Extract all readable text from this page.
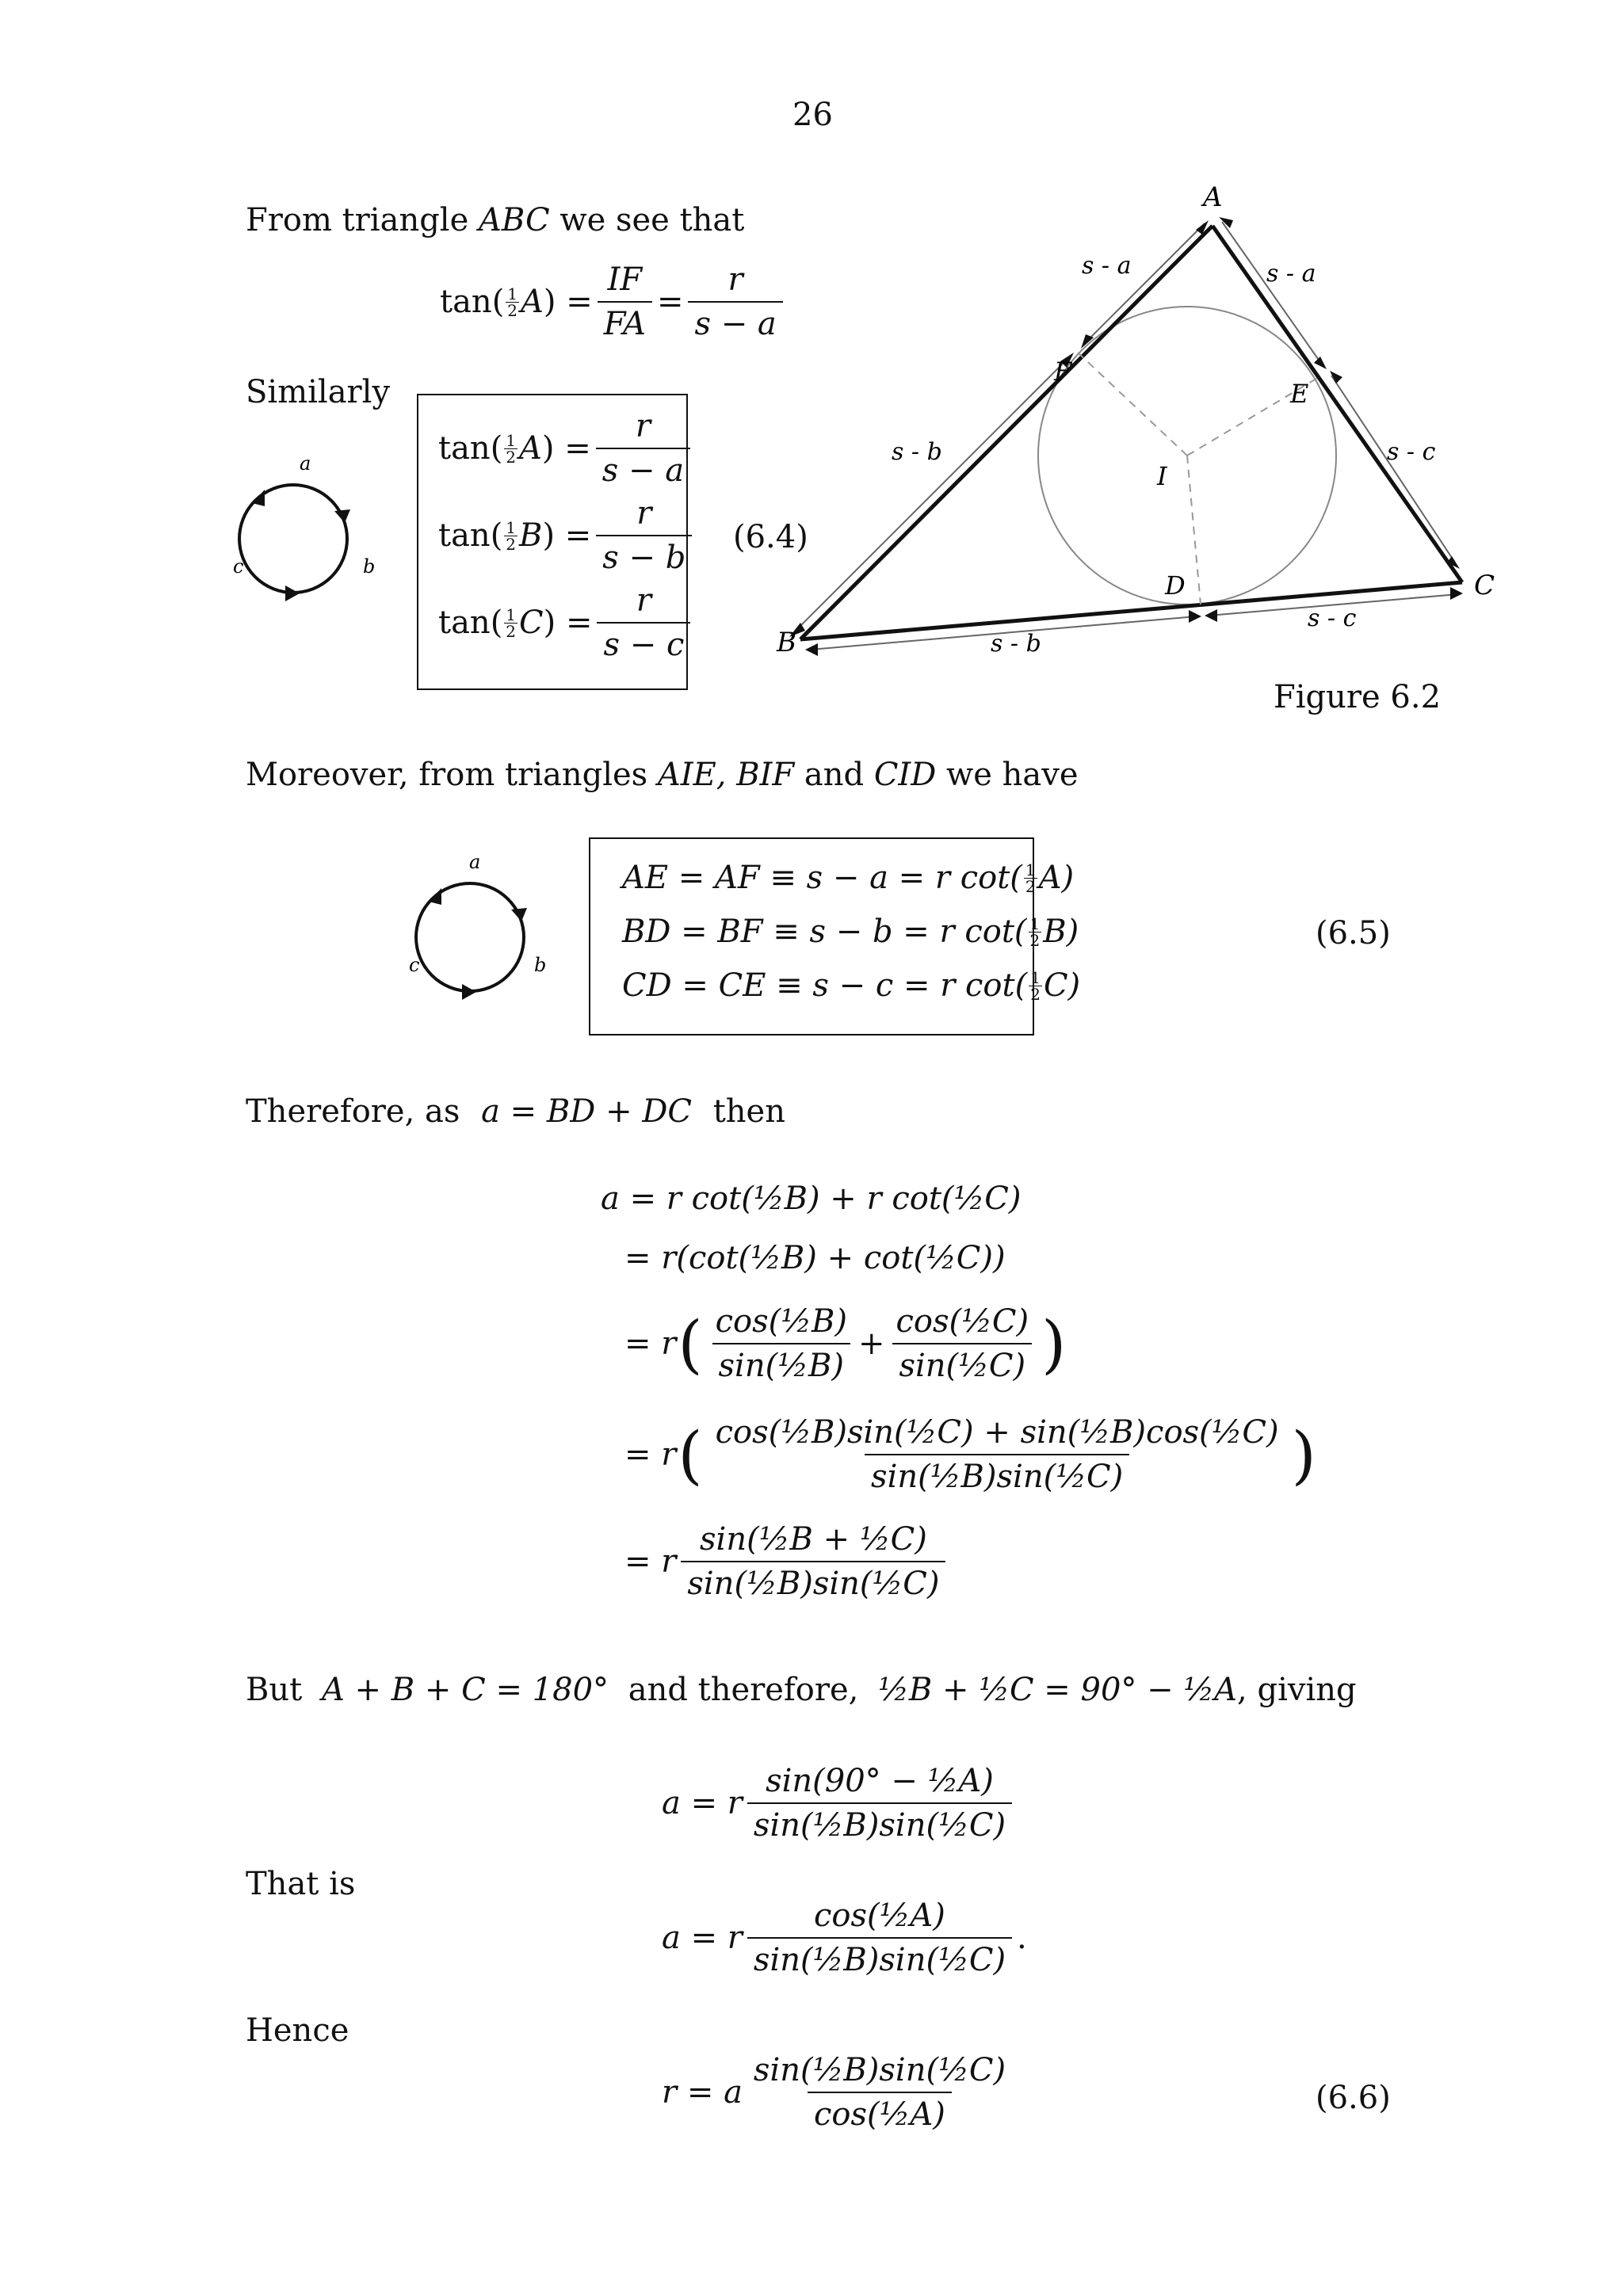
26
From triangle ABC we see that
tan ( 1
2 A ) = $\frac{IF}{FA} = \frac{r}{s - a}$
Similarly
a
b
c
tan ( 1
2 A ) = $\frac{r}{s - a}$
tan ( 1
2 B ) = $\frac{r}{s - b}$
tan ( 1
2 C ) = $\frac{r}{s - c}$
(6.4)
A
B
C
D
E
F
I
s - a	s - a
s - b
s - b
s - c
s - c
Figure 6.2
Moreover, from triangles AIE, BIF and CID we have
a
b
c
AE = AF ≡ s − a = r cot ( 1
2 A )
BD = BF ≡ s − b = r cot ( 1
2 B )
CD = CE ≡ s − c = r cot ( 1
2 C )
(6.5)
Therefore, as a = BD + DC then
a = r cot(½B) + r cot(½C)
= r(cot(½B) + cot(½C))
= r ( $\frac{\text{cos(½B)}}{\text{sin(½B)}} + \frac{\text{cos(½C)}}{\text{sin(½C)}}$ )
= r ( $\frac{\text{cos(½B)sin(½C) + sin(½B)cos(½C)}}{\text{sin(½B)sin(½C)}}$ )
= r $\frac{\text{sin(½B + ½C)}}{\text{sin(½B)sin(½C)}}$
But A + B + C = 180° and therefore, ½B + ½C = 90° − ½A, giving
a = r $\frac{\text{sin(90° − ½A)}}{\text{sin(½B)sin(½C)}}$
That is
a = r $\frac{\text{cos(½A)}}{\text{sin(½B)sin(½C)}}$ .
Hence
r = a $\frac{\text{sin(½B)sin(½C)}}{\text{cos(½A)}}$	(6.6)
